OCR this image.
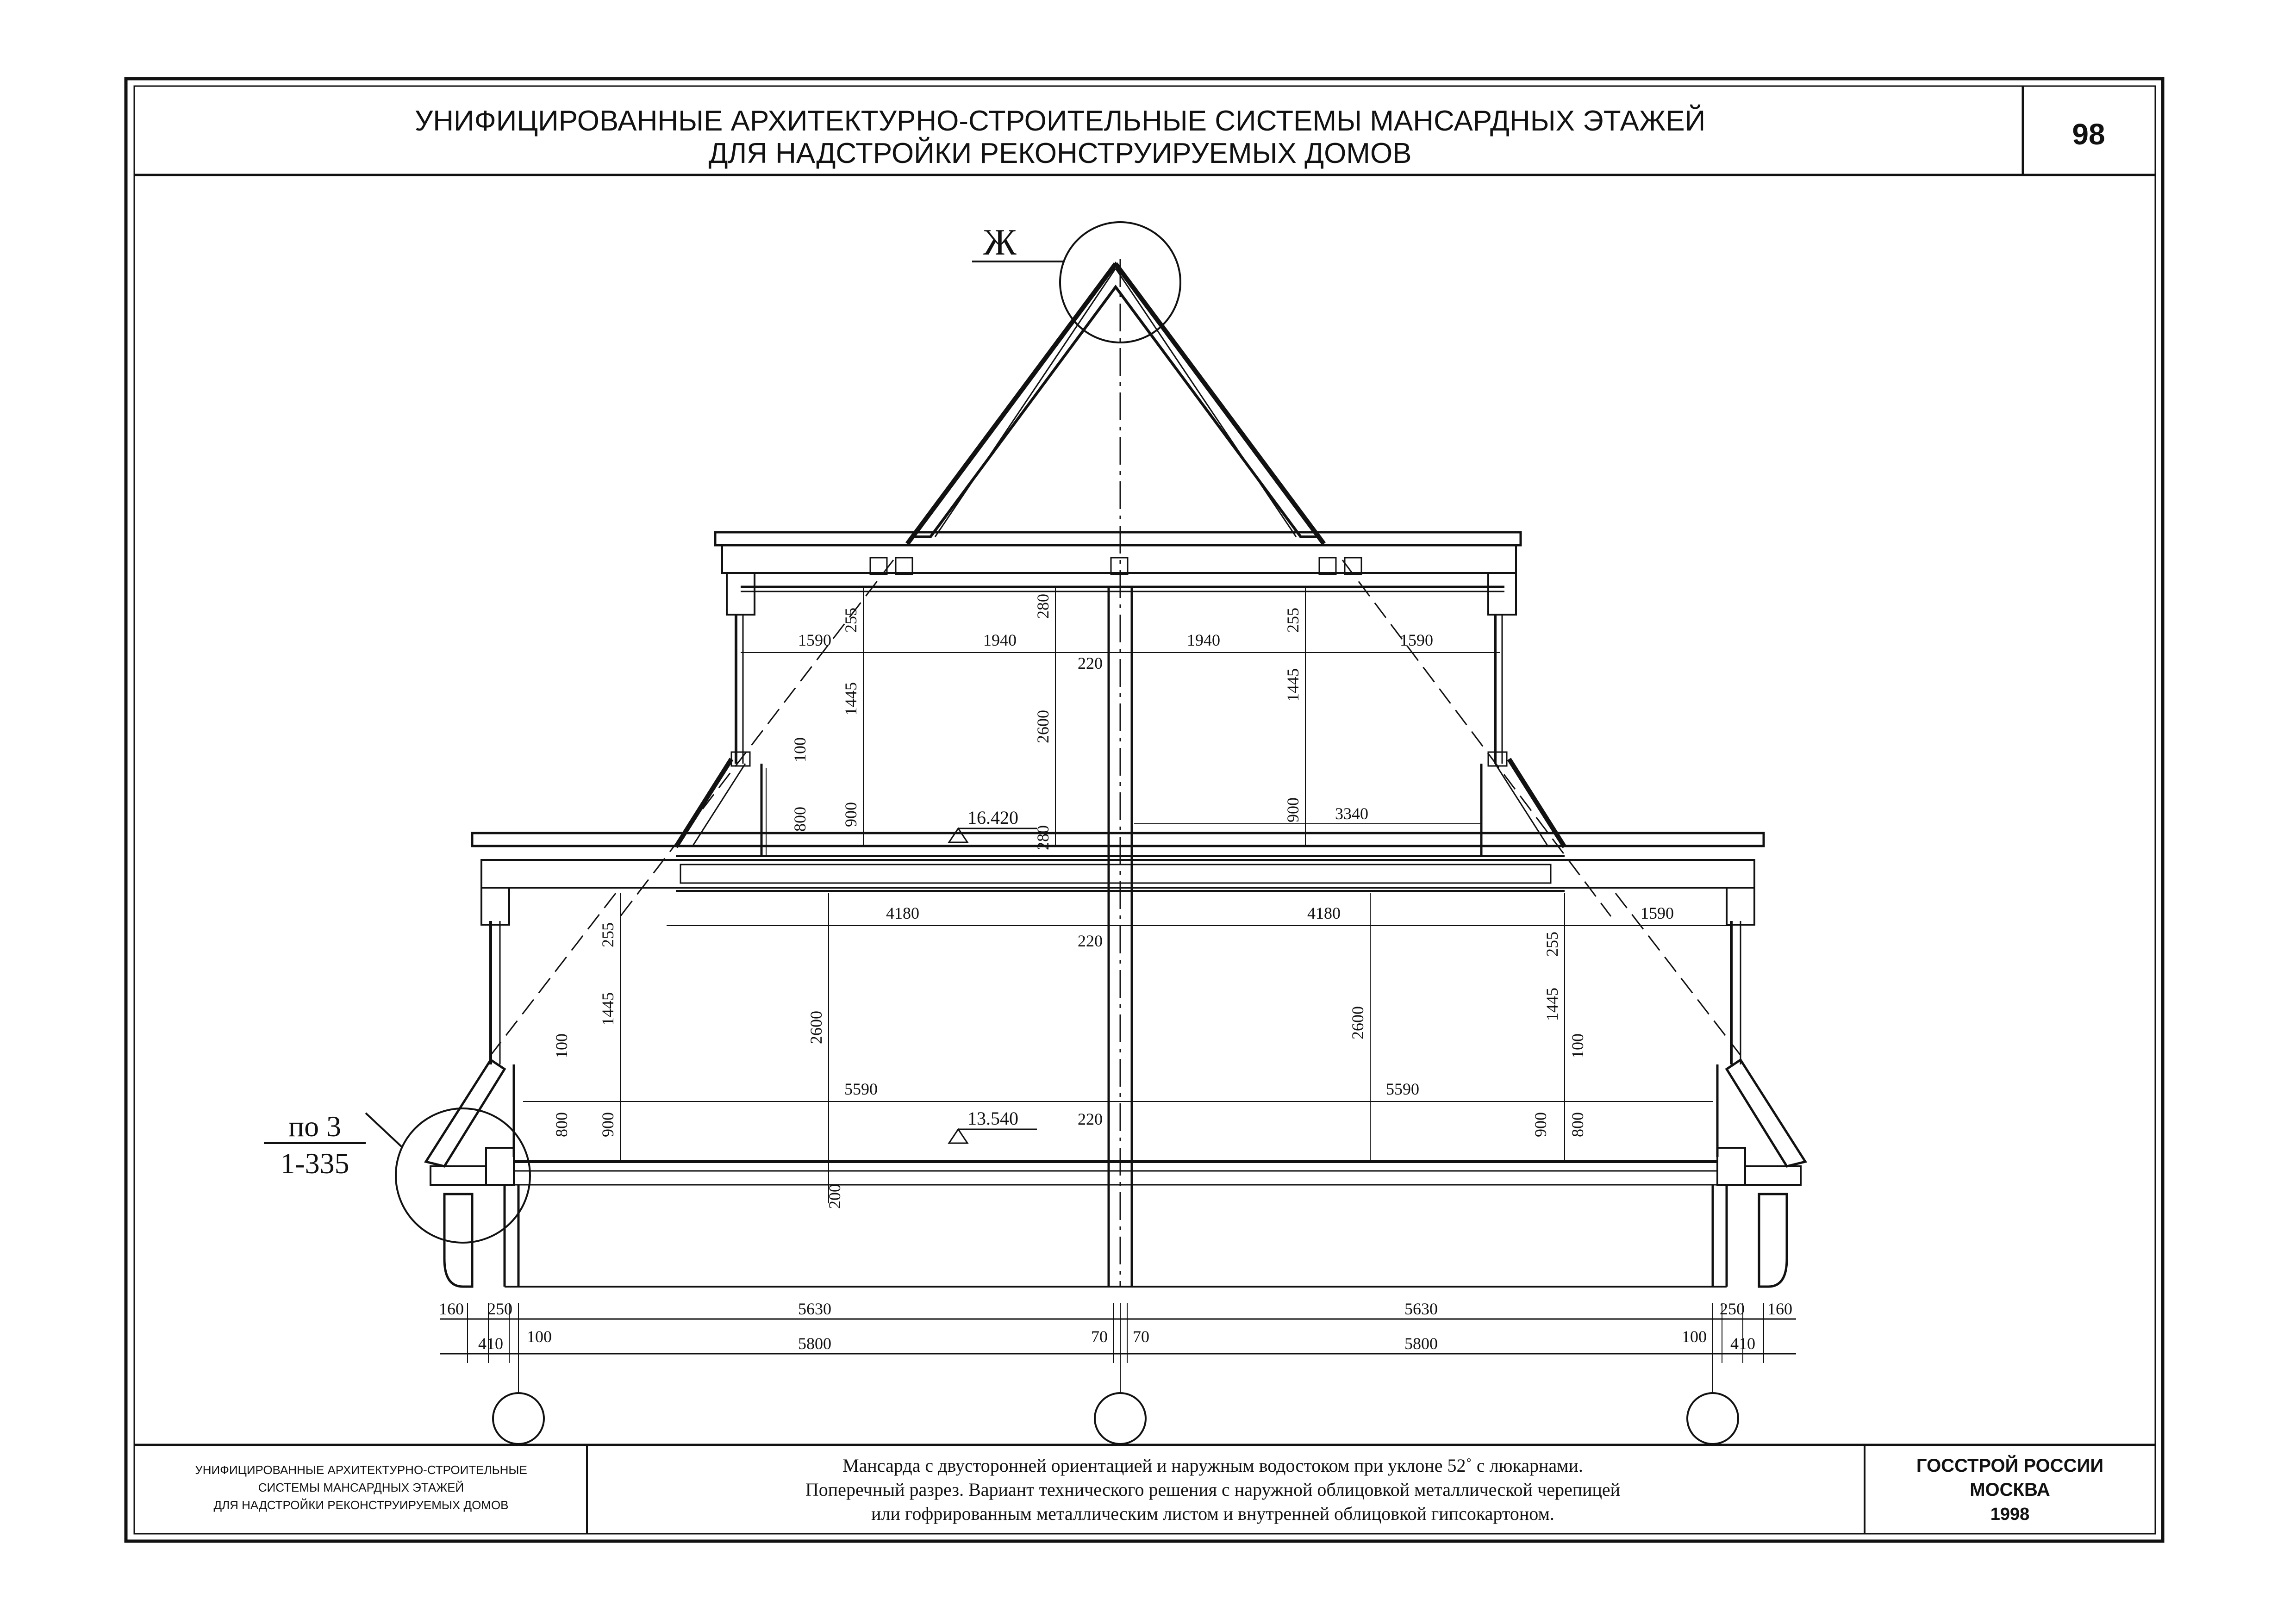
УНИФИЦИРОВАННЫЕ АРХИТЕКТУРНО-СТРОИТЕЛЬНЫЕ СИСТЕМЫ МАНСАРДНЫХ ЭТАЖЕЙ
ДЛЯ НАДСТРОЙКИ РЕКОНСТРУИРУЕМЫХ ДОМОВ
98
Ж
по 3
1-335
16.420
13.540
1590	1940	1940	1590
220
255	255
280
2600
280
1445	1445
100
800 900	900 3340
4180	4180	1590
220
255	255
1445	1445
2600	2600
100	100
5590	5590
220
800 900	900 800
200
160 250	5630	5630	250 160
100	70 70	100
410	5800	5800	410
УНИФИЦИРОВАННЫЕ АРХИТЕКТУРНО-СТРОИТЕЛЬНЫЕ
СИСТЕМЫ МАНСАРДНЫХ ЭТАЖЕЙ
ДЛЯ НАДСТРОЙКИ РЕКОНСТРУИРУЕМЫХ ДОМОВ
Мансарда с двусторонней ориентацией и наружным водостоком при уклоне 52˚ с люкарнами.
Поперечный разрез. Вариант технического решения с наружной облицовкой металлической черепицей
или гофрированным металлическим листом и внутренней облицовкой гипсокартоном.
ГОССТРОЙ РОССИИ
МОСКВА
1998
